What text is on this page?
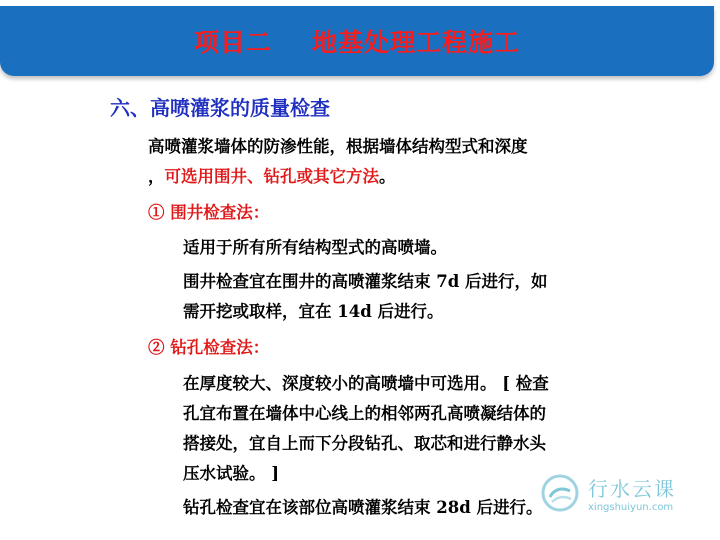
项目二 地基处理工程施工
六、高喷灌浆的质量检查
高喷灌浆墙体的防渗性能，根据墙体结构型式和深度
，可选用围井、钻孔或其它方法。
① 围井检查法：
适用于所有所有结构型式的高喷墙。
围井检查宜在围井的高喷灌浆结束 7d 后进行，如
需开挖或取样，宜在 14d 后进行。
② 钻孔检查法：
在厚度较大、深度较小的高喷墙中可选用。 [ 检查
孔宜布置在墙体中心线上的相邻两孔高喷凝结体的
搭接处，宜自上而下分段钻孔、取芯和进行静水头
压水试验。 ]
钻孔检查宜在该部位高喷灌浆结束 28d 后进行。
行水云课
xingshuiyun.com
